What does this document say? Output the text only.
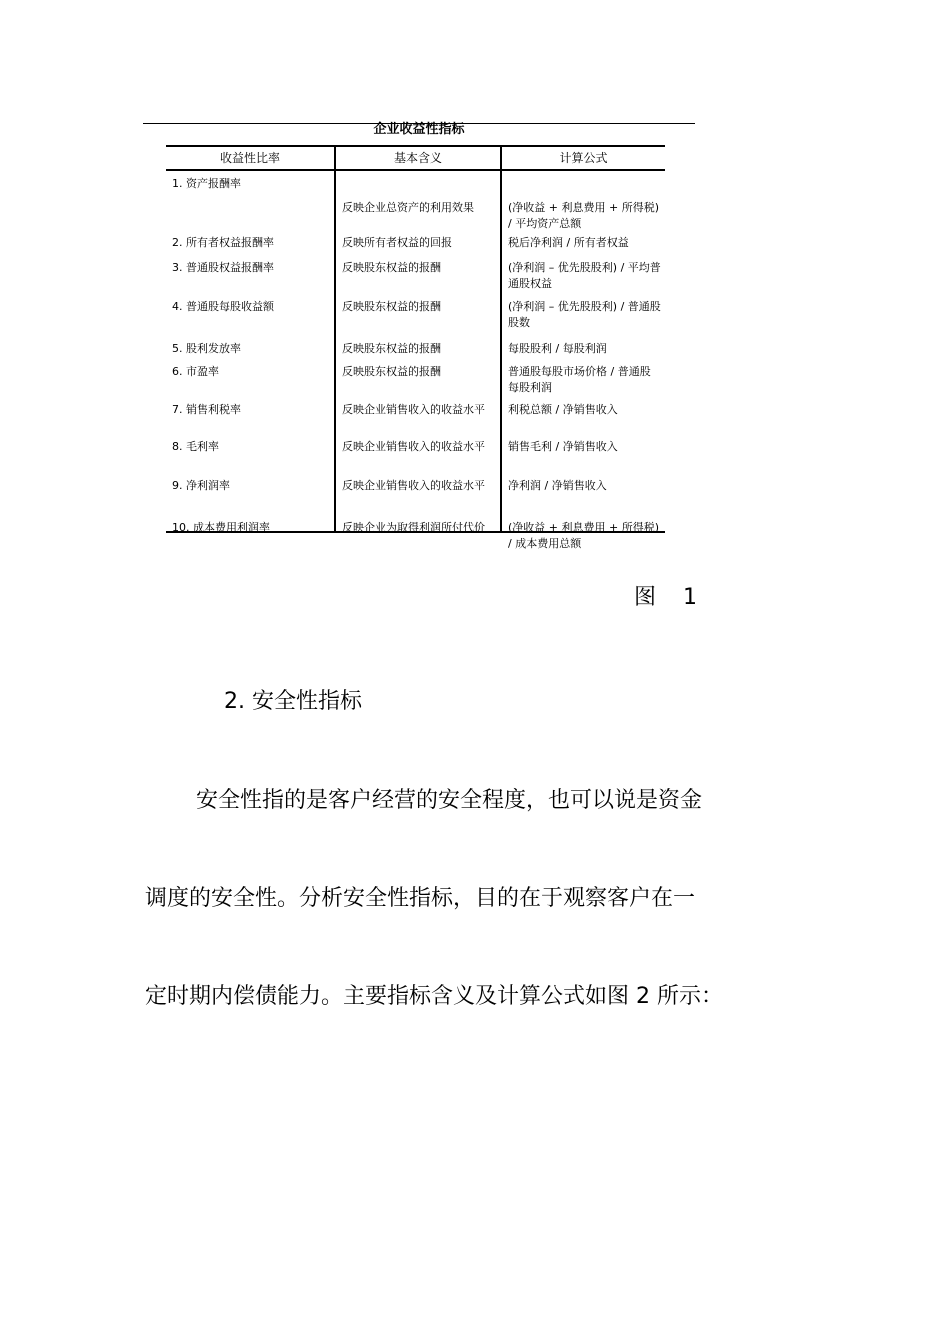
企业收益性指标
收益性比率	基本含义	计算公式
1. 资产报酬率
2. 所有者权益报酬率
3. 普通股权益报酬率
4. 普通股每股收益额
5. 股利发放率
6. 市盈率
7. 销售利税率
8. 毛利率
9. 净利润率
10. 成本费用利润率
反映企业总资产的利用效果
反映所有者权益的回报
反映股东权益的报酬
反映股东权益的报酬
反映股东权益的报酬
反映股东权益的报酬
反映企业销售收入的收益水平
反映企业销售收入的收益水平
反映企业销售收入的收益水平
反映企业为取得利润所付代价
(净收益 + 利息费用 + 所得税) / 平均资产总额
税后净利润 / 所有者权益
(净利润 – 优先股股利) / 平均普通股权益
(净利润 – 优先股股利) / 普通股股数
每股股利 / 每股利润
普通股每股市场价格 / 普通股每股利润
利税总额 / 净销售收入
销售毛利 / 净销售收入
净利润 / 净销售收入
(净收益 + 利息费用 + 所得税) / 成本费用总额
图 1
2. 安全性指标
安全性指的是客户经营的安全程度，也可以说是资金
调度的安全性。分析安全性指标，目的在于观察客户在一
定时期内偿债能力。主要指标含义及计算公式如图 2 所示：
